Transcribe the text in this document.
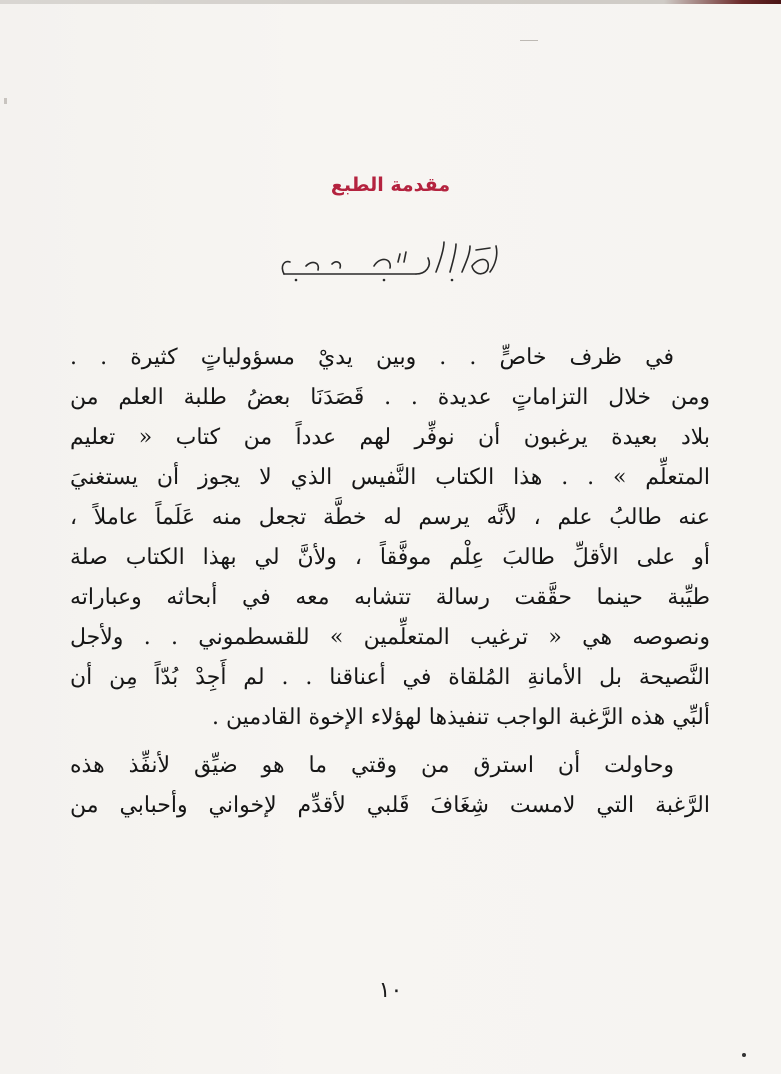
مقدمة الطبع

في ظرف خاصٍّ . . وبين يديْ مسؤولياتٍ كثيرة . .
ومن خلال التزاماتٍ عديدة . . قَصَدَنَا بعضُ طلبة العلم من
بلاد بعيدة يرغبون أن نوفِّر لهم عدداً من كتاب « تعليم
المتعلِّم » . . هذا الكتاب النَّفيس الذي لا يجوز أن يستغنيَ
عنه طالبُ علم ، لأنَّه يرسم له خطَّة تجعل منه عَلَماً عاملاً ،
أو على الأقلِّ طالبَ عِلْم موفَّقاً ، ولأنَّ لي بهذا الكتاب صلة
طيِّبة حينما حقَّقت رسالة تتشابه معه في أبحاثه وعباراته
ونصوصه هي « ترغيب المتعلِّمين » للقسطموني . . ولأجل
النَّصيحة بل الأمانةِ المُلقاة في أعناقنا . . لم أَجِدْ بُدّاً مِن أن
ألبِّي هذه الرَّغبة الواجب تنفيذها لهؤلاء الإخوة القادمين .

وحاولت أن استرق من وقتي ما هو ضيِّق لأنفِّذ هذه
الرَّغبة التي لامست شِغَافَ قَلبي لأقدِّم لإخواني وأحبابي من

١٠
